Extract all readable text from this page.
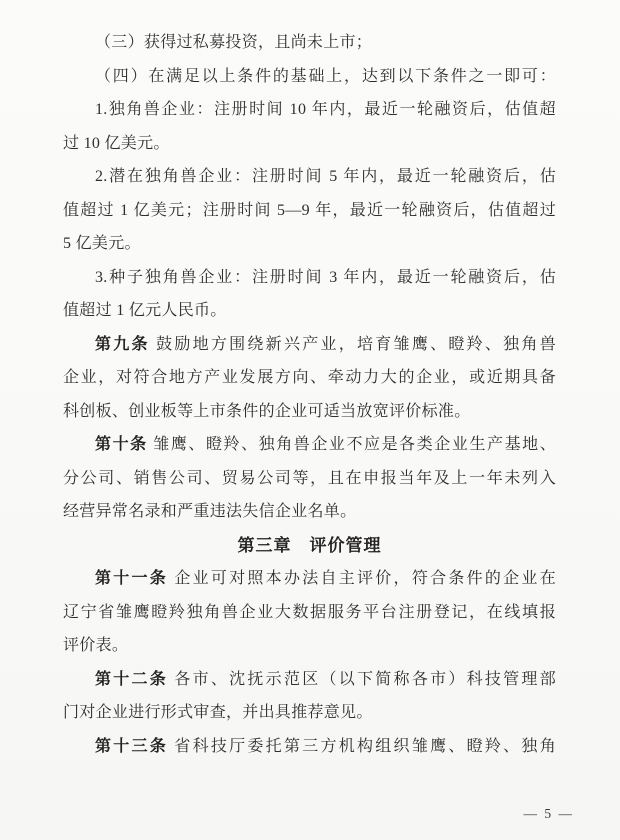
（三）获得过私募投资，且尚未上市；
（四）在满足以上条件的基础上，达到以下条件之一即可：
1.独角兽企业：注册时间 10 年内，最近一轮融资后，估值超
过 10 亿美元。
2.潜在独角兽企业：注册时间 5 年内，最近一轮融资后，估
值超过 1 亿美元；注册时间 5—9 年，最近一轮融资后，估值超过
5 亿美元。
3.种子独角兽企业：注册时间 3 年内，最近一轮融资后，估
值超过 1 亿元人民币。
第九条 鼓励地方围绕新兴产业，培育雏鹰、瞪羚、独角兽
企业，对符合地方产业发展方向、牵动力大的企业，或近期具备
科创板、创业板等上市条件的企业可适当放宽评价标准。
第十条 雏鹰、瞪羚、独角兽企业不应是各类企业生产基地、
分公司、销售公司、贸易公司等，且在申报当年及上一年未列入
经营异常名录和严重违法失信企业名单。
第三章　评价管理
第十一条 企业可对照本办法自主评价，符合条件的企业在
辽宁省雏鹰瞪羚独角兽企业大数据服务平台注册登记，在线填报
评价表。
第十二条 各市、沈抚示范区（以下简称各市）科技管理部
门对企业进行形式审查，并出具推荐意见。
第十三条 省科技厅委托第三方机构组织雏鹰、瞪羚、独角
— 5 —
